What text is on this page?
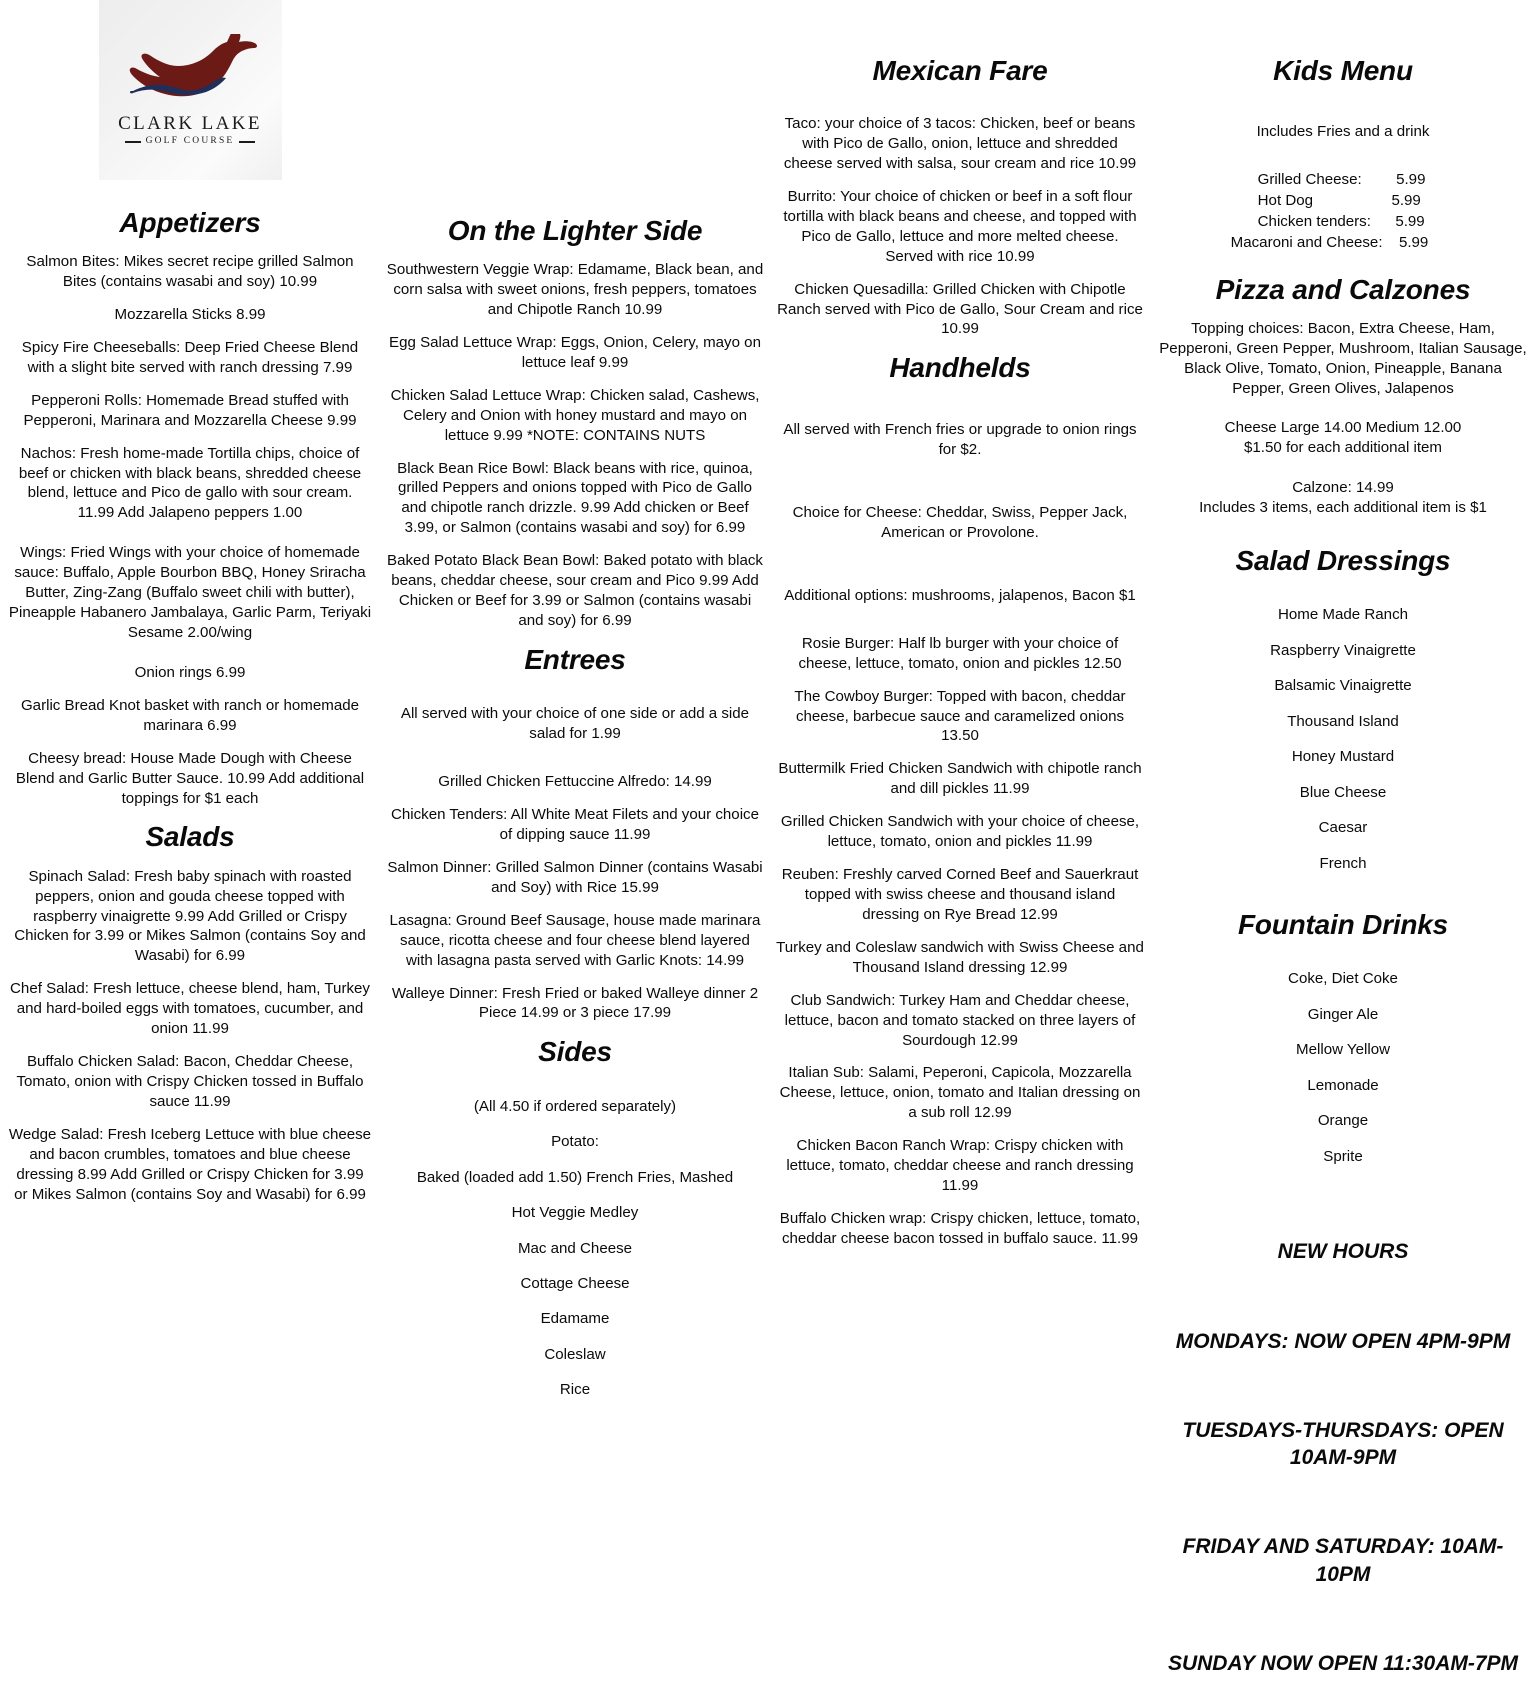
CLARK LAKE
GOLF COURSE
Appetizers

Salmon Bites: Mikes secret recipe grilled Salmon Bites (contains wasabi and soy) 10.99

Mozzarella Sticks 8.99

Spicy Fire Cheeseballs: Deep Fried Cheese Blend with a slight bite served with ranch dressing 7.99

Pepperoni Rolls: Homemade Bread stuffed with Pepperoni, Marinara and Mozzarella Cheese 9.99

Nachos: Fresh home-made Tortilla chips, choice of beef or chicken with black beans, shredded cheese blend, lettuce and Pico de gallo with sour cream. 11.99 Add Jalapeno peppers 1.00

Wings: Fried Wings with your choice of homemade sauce: Buffalo, Apple Bourbon BBQ, Honey Sriracha Butter, Zing-Zang (Buffalo sweet chili with butter), Pineapple Habanero Jambalaya, Garlic Parm, Teriyaki Sesame 2.00/wing

Onion rings 6.99

Garlic Bread Knot basket with ranch or homemade marinara 6.99

Cheesy bread: House Made Dough with Cheese Blend and Garlic Butter Sauce. 10.99 Add additional toppings for $1 each

Salads

Spinach Salad: Fresh baby spinach with roasted peppers, onion and gouda cheese topped with raspberry vinaigrette 9.99 Add Grilled or Crispy Chicken for 3.99 or Mikes Salmon (contains Soy and Wasabi) for 6.99

Chef Salad: Fresh lettuce, cheese blend, ham, Turkey and hard-boiled eggs with tomatoes, cucumber, and onion 11.99

Buffalo Chicken Salad: Bacon, Cheddar Cheese, Tomato, onion with Crispy Chicken tossed in Buffalo sauce 11.99

Wedge Salad: Fresh Iceberg Lettuce with blue cheese and bacon crumbles, tomatoes and blue cheese dressing 8.99 Add Grilled or Crispy Chicken for 3.99 or Mikes Salmon (contains Soy and Wasabi) for 6.99

On the Lighter Side

Southwestern Veggie Wrap: Edamame, Black bean, and corn salsa with sweet onions, fresh peppers, tomatoes and Chipotle Ranch 10.99

Egg Salad Lettuce Wrap: Eggs, Onion, Celery, mayo on lettuce leaf 9.99

Chicken Salad Lettuce Wrap: Chicken salad, Cashews, Celery and Onion with honey mustard and mayo on lettuce 9.99 *NOTE: CONTAINS NUTS

Black Bean Rice Bowl: Black beans with rice, quinoa, grilled Peppers and onions topped with Pico de Gallo and chipotle ranch drizzle. 9.99 Add chicken or Beef 3.99, or Salmon (contains wasabi and soy) for 6.99

Baked Potato Black Bean Bowl: Baked potato with black beans, cheddar cheese, sour cream and Pico 9.99 Add Chicken or Beef for 3.99 or Salmon (contains wasabi and soy) for 6.99

Entrees

All served with your choice of one side or add a side salad for 1.99

Grilled Chicken Fettuccine Alfredo: 14.99

Chicken Tenders: All White Meat Filets and your choice of dipping sauce 11.99

Salmon Dinner: Grilled Salmon Dinner (contains Wasabi and Soy) with Rice 15.99

Lasagna: Ground Beef Sausage, house made marinara sauce, ricotta cheese and four cheese blend layered with lasagna pasta served with Garlic Knots: 14.99

Walleye Dinner: Fresh Fried or baked Walleye dinner 2 Piece 14.99 or 3 piece 17.99

Sides

(All 4.50 if ordered separately)

Potato:

Baked (loaded add 1.50) French Fries, Mashed

Hot Veggie Medley

Mac and Cheese

Cottage Cheese

Edamame

Coleslaw

Rice

Mexican Fare

Taco: your choice of 3 tacos: Chicken, beef or beans with Pico de Gallo, onion, lettuce and shredded cheese served with salsa, sour cream and rice 10.99

Burrito: Your choice of chicken or beef in a soft flour tortilla with black beans and cheese, and topped with Pico de Gallo, lettuce and more melted cheese. Served with rice 10.99

Chicken Quesadilla: Grilled Chicken with Chipotle Ranch served with Pico de Gallo, Sour Cream and rice 10.99

Handhelds

All served with French fries or upgrade to onion rings for $2.

Choice for Cheese: Cheddar, Swiss, Pepper Jack, American or Provolone.

Additional options: mushrooms, jalapenos, Bacon $1

Rosie Burger: Half lb burger with your choice of cheese, lettuce, tomato, onion and pickles 12.50

The Cowboy Burger: Topped with bacon, cheddar cheese, barbecue sauce and caramelized onions 13.50

Buttermilk Fried Chicken Sandwich with chipotle ranch and dill pickles 11.99

Grilled Chicken Sandwich with your choice of cheese, lettuce, tomato, onion and pickles 11.99

Reuben: Freshly carved Corned Beef and Sauerkraut topped with swiss cheese and thousand island dressing on Rye Bread 12.99

Turkey and Coleslaw sandwich with Swiss Cheese and Thousand Island dressing 12.99

Club Sandwich: Turkey Ham and Cheddar cheese, lettuce, bacon and tomato stacked on three layers of Sourdough 12.99

Italian Sub: Salami, Peperoni, Capicola, Mozzarella Cheese, lettuce, onion, tomato and Italian dressing on a sub roll 12.99

Chicken Bacon Ranch Wrap: Crispy chicken with lettuce, tomato, cheddar cheese and ranch dressing 11.99

Buffalo Chicken wrap: Crispy chicken, lettuce, tomato, cheddar cheese bacon tossed in buffalo sauce. 11.99

Kids Menu

Includes Fries and a drink

Grilled Cheese: 5.99
Hot Dog	5.99
Chicken tenders: 5.99
Macaroni and Cheese: 5.99
Pizza and Calzones

Topping choices: Bacon, Extra Cheese, Ham, Pepperoni, Green Pepper, Mushroom, Italian Sausage, Black Olive, Tomato, Onion, Pineapple, Banana Pepper, Green Olives, Jalapenos

Cheese Large 14.00 Medium 12.00

$1.50 for each additional item

Calzone: 14.99

Includes 3 items, each additional item is $1

Salad Dressings

Home Made Ranch

Raspberry Vinaigrette

Balsamic Vinaigrette

Thousand Island

Honey Mustard

Blue Cheese

Caesar

French

Fountain Drinks

Coke, Diet Coke

Ginger Ale

Mellow Yellow

Lemonade

Orange

Sprite

NEW HOURS

MONDAYS: NOW OPEN 4PM-9PM

TUESDAYS-THURSDAYS: OPEN 10AM-9PM

FRIDAY AND SATURDAY: 10AM-10PM

SUNDAY NOW OPEN 11:30AM-7PM
